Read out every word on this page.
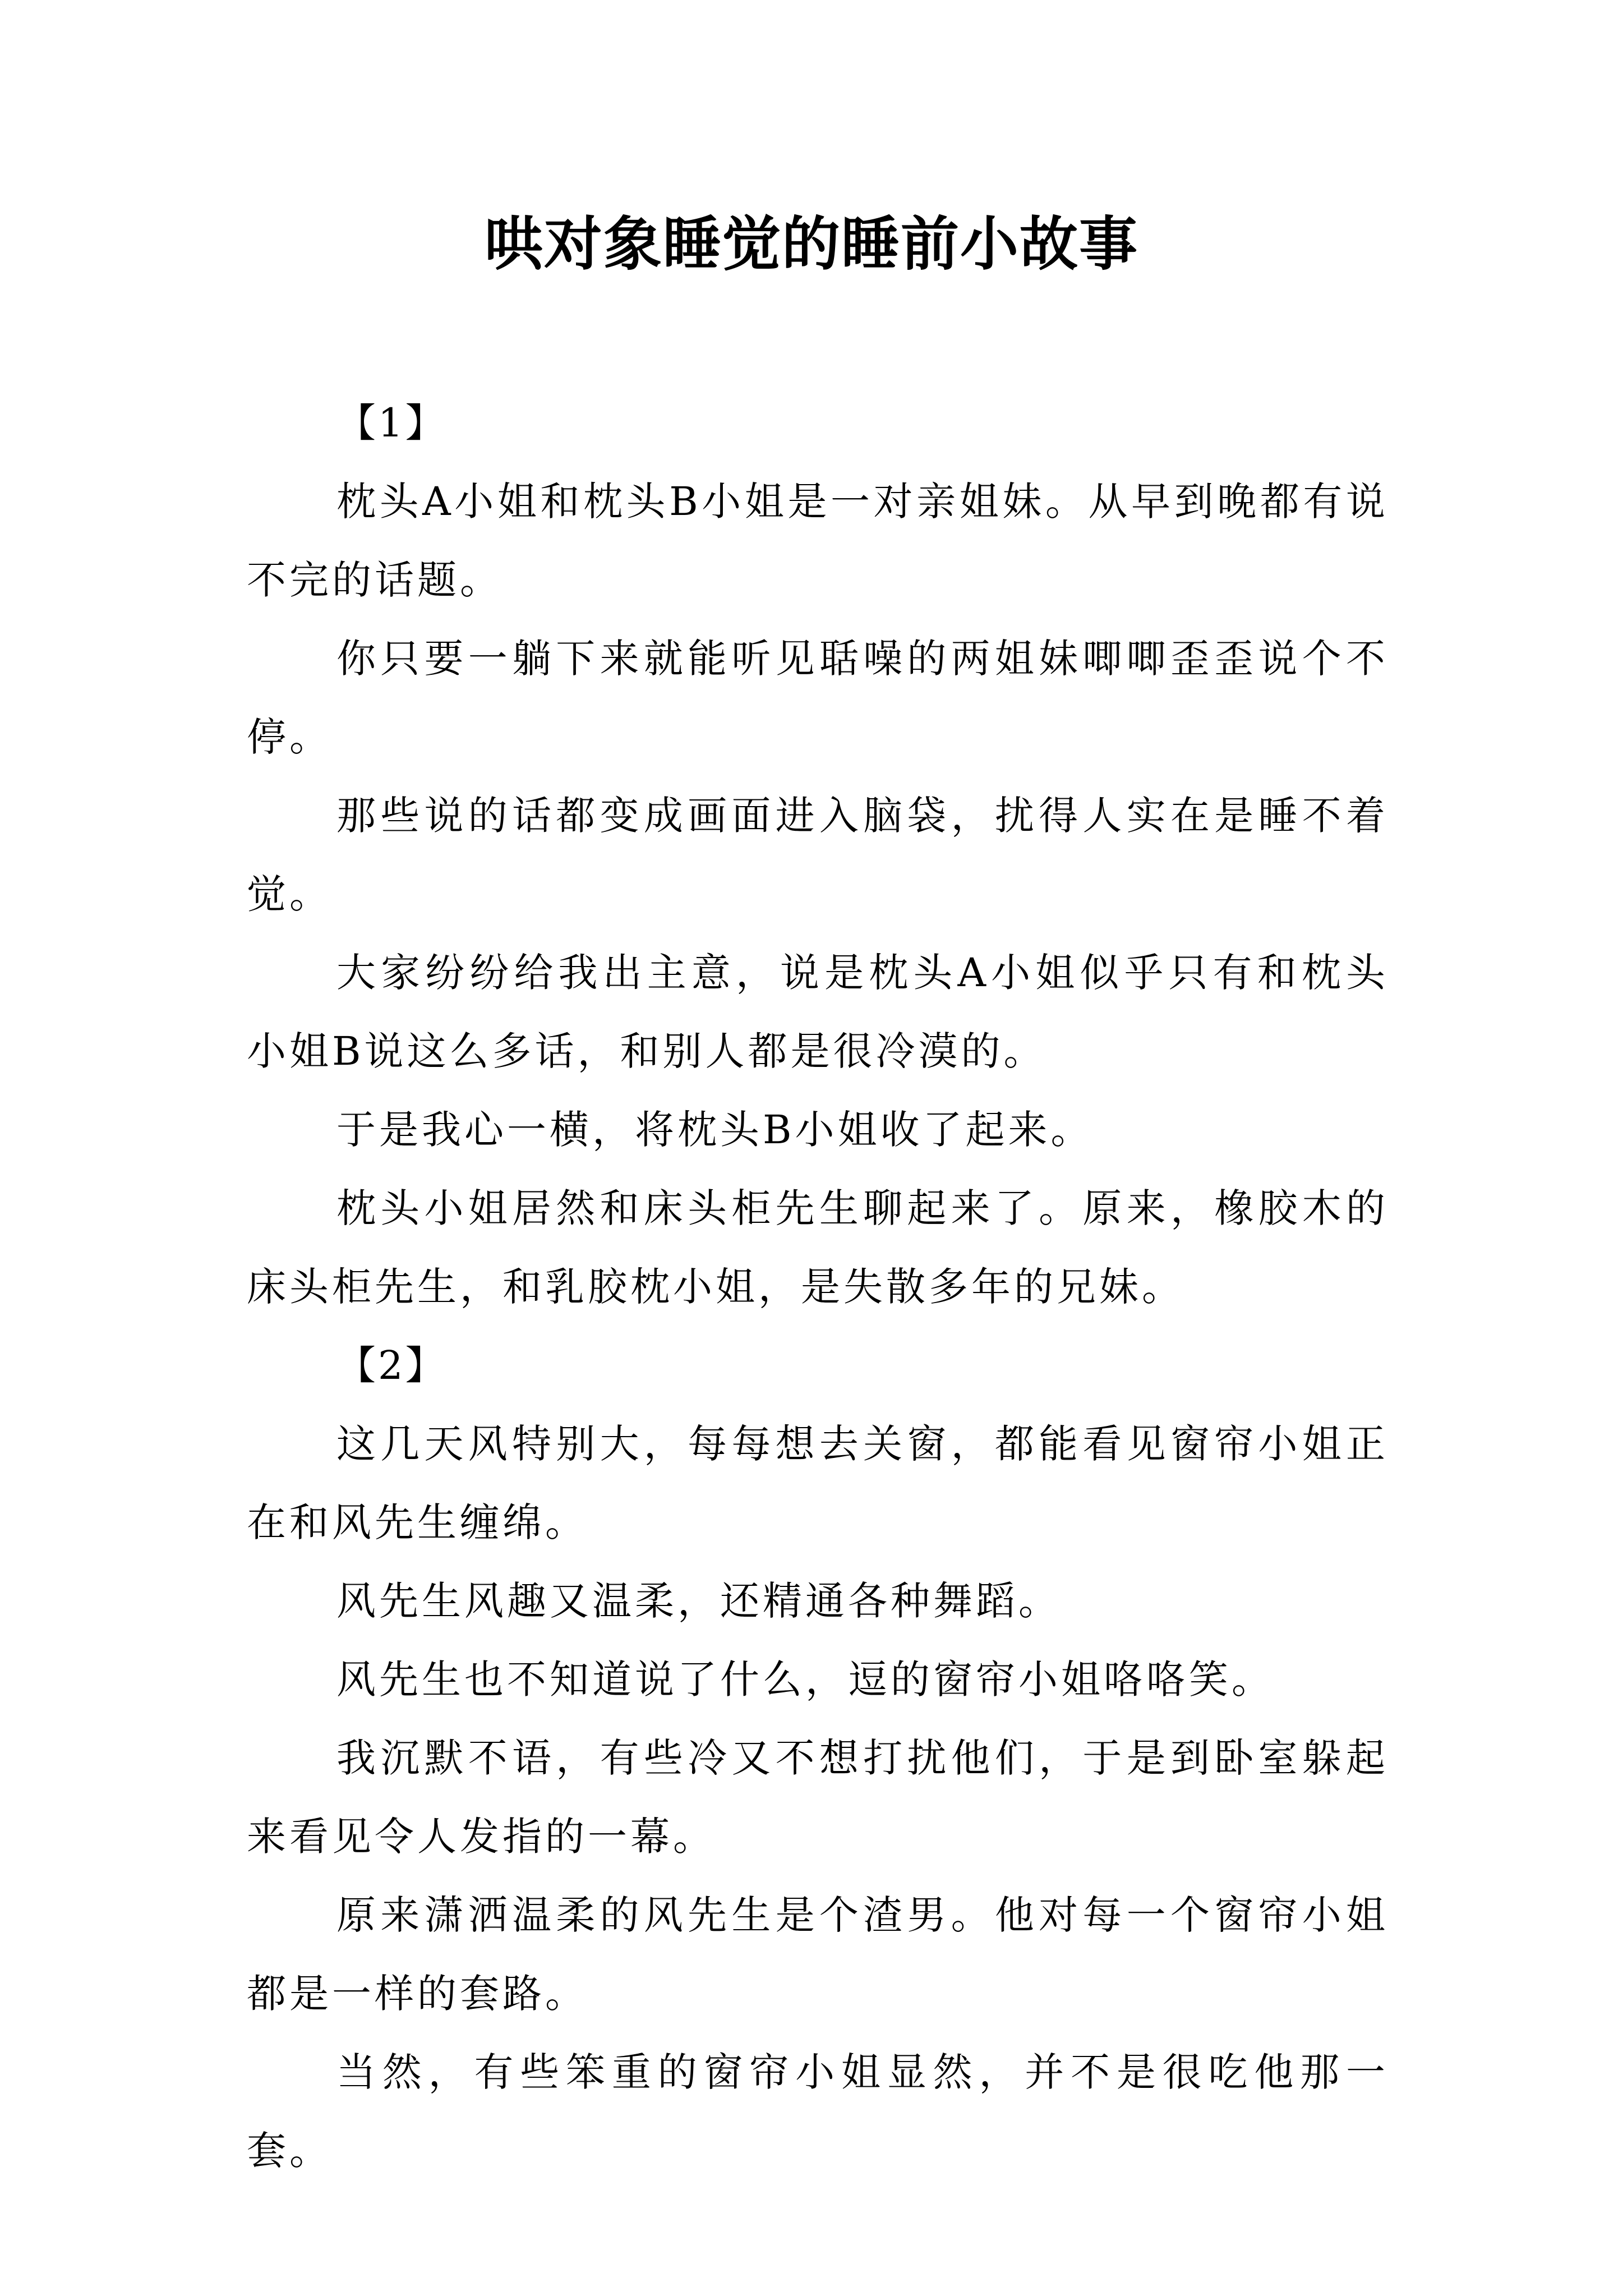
哄对象睡觉的睡前小故事

【1】

枕头A小姐和枕头B小姐是一对亲姐妹。从早到晚都有说不完的话题。

你只要一躺下来就能听见聒噪的两姐妹唧唧歪歪说个不停。

那些说的话都变成画面进入脑袋，扰得人实在是睡不着觉。

大家纷纷给我出主意，说是枕头A小姐似乎只有和枕头小姐B说这么多话，和别人都是很冷漠的。

于是我心一横，将枕头B小姐收了起来。

枕头小姐居然和床头柜先生聊起来了。原来，橡胶木的床头柜先生，和乳胶枕小姐，是失散多年的兄妹。

【2】

这几天风特别大，每每想去关窗，都能看见窗帘小姐正在和风先生缠绵。

风先生风趣又温柔，还精通各种舞蹈。

风先生也不知道说了什么，逗的窗帘小姐咯咯笑。

我沉默不语，有些冷又不想打扰他们，于是到卧室躲起来看见令人发指的一幕。

原来潇洒温柔的风先生是个渣男。他对每一个窗帘小姐都是一样的套路。

当然，有些笨重的窗帘小姐显然，并不是很吃他那一套。
